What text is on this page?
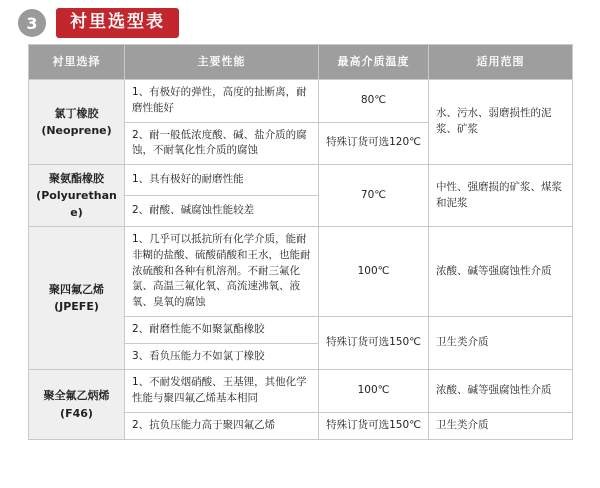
3	衬里选型表
衬里选择	主要性能	最高介质温度	适用范围

氯丁橡胶
(Neoprene)	1、有极好的弹性，高度的扯断离，耐磨性能好	80℃	水、污水、弱磨损性的泥浆、矿浆
	2、耐一般低浓度酸、碱、盐介质的腐蚀，不耐氧化性介质的腐蚀	特殊订货可选120℃	

聚氨酯橡胶
(Polyurethane)	1、具有极好的耐磨性能	70℃	中性、强磨损的矿浆、煤浆和泥浆
	2、耐酸、碱腐蚀性能较差		

聚四氟乙烯
(JPEFE)	1、几乎可以抵抗所有化学介质，能耐非糊的盐酸、硫酸硝酸和王水，也能耐浓硫酸和各种有机溶剂。不耐三氟化氯、高温三氟化氧、高流速沸氧、液氧、臭氧的腐蚀	100℃	浓酸、碱等强腐蚀性介质
	2、耐磨性能不如聚氯酯橡胶	特殊订货可选150℃	卫生类介质
	3、看负压能力不如氯丁橡胶		

聚全氟乙炳烯
(F46)	1、不耐发烟硝酸、王基锂，其他化学性能与聚四氟乙烯基本相同	100℃	浓酸、碱等强腐蚀性介质
	2、抗负压能力高于聚四氟乙烯	特殊订货可选150℃	卫生类介质
